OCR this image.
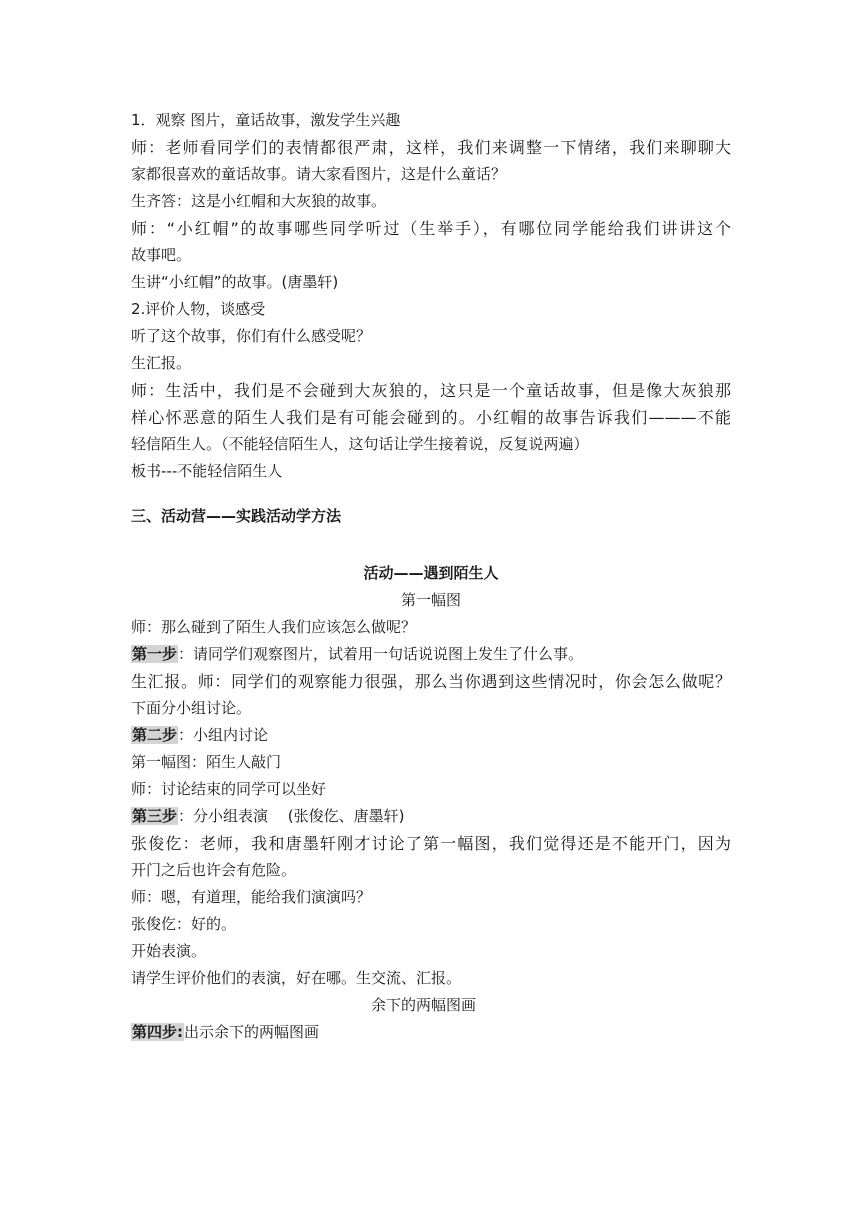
1．观察 图片，童话故事，激发学生兴趣
师：老师看同学们的表情都很严肃，这样，我们来调整一下情绪，我们来聊聊大
家都很喜欢的童话故事。请大家看图片，这是什么童话？
生齐答：这是小红帽和大灰狼的故事。
师：“小红帽”的故事哪些同学听过（生举手），有哪位同学能给我们讲讲这个
故事吧。
生讲“小红帽”的故事。(唐墨轩)
2.评价人物，谈感受
听了这个故事，你们有什么感受呢？
生汇报。
师：生活中，我们是不会碰到大灰狼的，这只是一个童话故事，但是像大灰狼那
样心怀恶意的陌生人我们是有可能会碰到的。小红帽的故事告诉我们———不能
轻信陌生人。（不能轻信陌生人，这句话让学生接着说，反复说两遍）
板书---不能轻信陌生人
三、活动营——实践活动学方法
活动——遇到陌生人
第一幅图
师：那么碰到了陌生人我们应该怎么做呢？
第一步：请同学们观察图片，试着用一句话说说图上发生了什么事。
生汇报。师：同学们的观察能力很强，那么当你遇到这些情况时，你会怎么做呢？
下面分小组讨论。
第二步：小组内讨论
第一幅图：陌生人敲门
师：讨论结束的同学可以坐好
第三步：分小组表演　 (张俊仡、唐墨轩)
张俊仡：老师，我和唐墨轩刚才讨论了第一幅图，我们觉得还是不能开门，因为
开门之后也许会有危险。
师：嗯，有道理，能给我们演演吗？
张俊仡：好的。
开始表演。
请学生评价他们的表演，好在哪。生交流、汇报。
余下的两幅图画
第四步:出示余下的两幅图画
